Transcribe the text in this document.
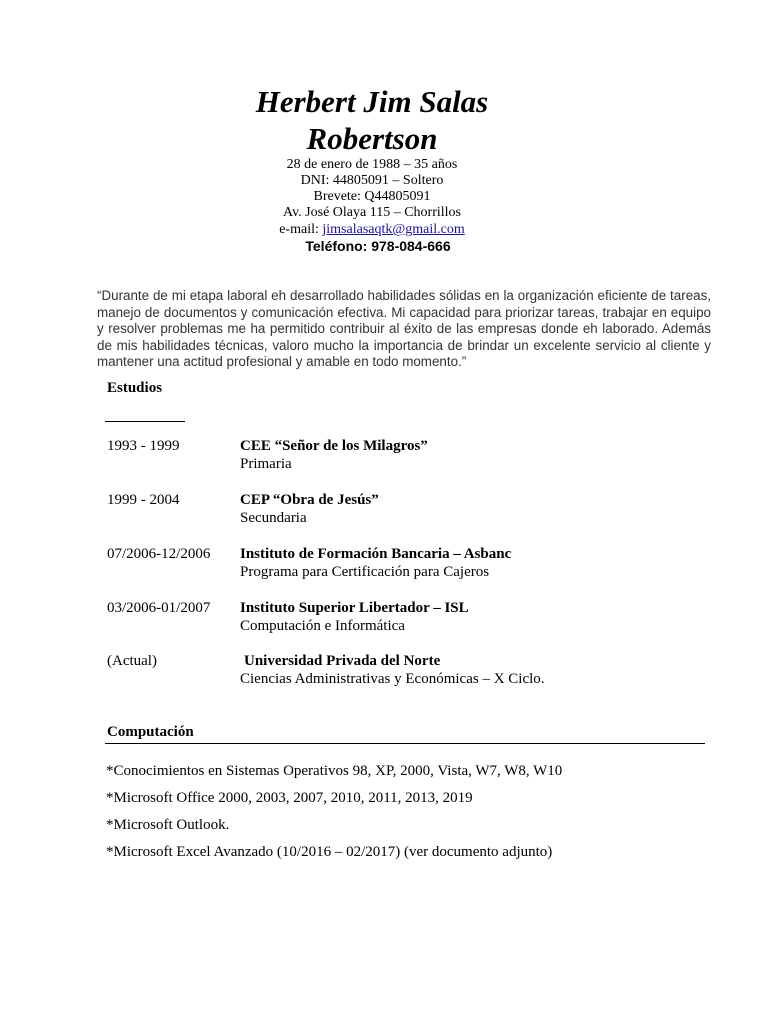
Herbert Jim Salas
Robertson
28 de enero de 1988 – 35 años
DNI: 44805091 – Soltero
Brevete: Q44805091
Av. José Olaya 115 – Chorrillos
e-mail: jimsalasaqtk@gmail.com
Teléfono: 978-084-666
“Durante de mi etapa laboral eh desarrollado habilidades sólidas en la organización eficiente de tareas, manejo de documentos y comunicación efectiva. Mi capacidad para priorizar tareas, trabajar en equipo y resolver problemas me ha permitido contribuir al éxito de las empresas donde eh laborado. Además de mis habilidades técnicas, valoro mucho la importancia de brindar un excelente servicio al cliente y mantener una actitud profesional y amable en todo momento.”
Estudios
1993 - 1999	CEE “Señor de los Milagros”
Primaria
1999 - 2004	CEP “Obra de Jesús”
Secundaria
07/2006-12/2006 Instituto de Formación Bancaria – Asbanc
Programa para Certificación para Cajeros
03/2006-01/2007 Instituto Superior Libertador – ISL
Computación e Informática
(Actual)	Universidad Privada del Norte
Ciencias Administrativas y Económicas – X Ciclo.
Computación
*Conocimientos en Sistemas Operativos 98, XP, 2000, Vista, W7, W8, W10
*Microsoft Office 2000, 2003, 2007, 2010, 2011, 2013, 2019
*Microsoft Outlook.
*Microsoft Excel Avanzado (10/2016 – 02/2017) (ver documento adjunto)
